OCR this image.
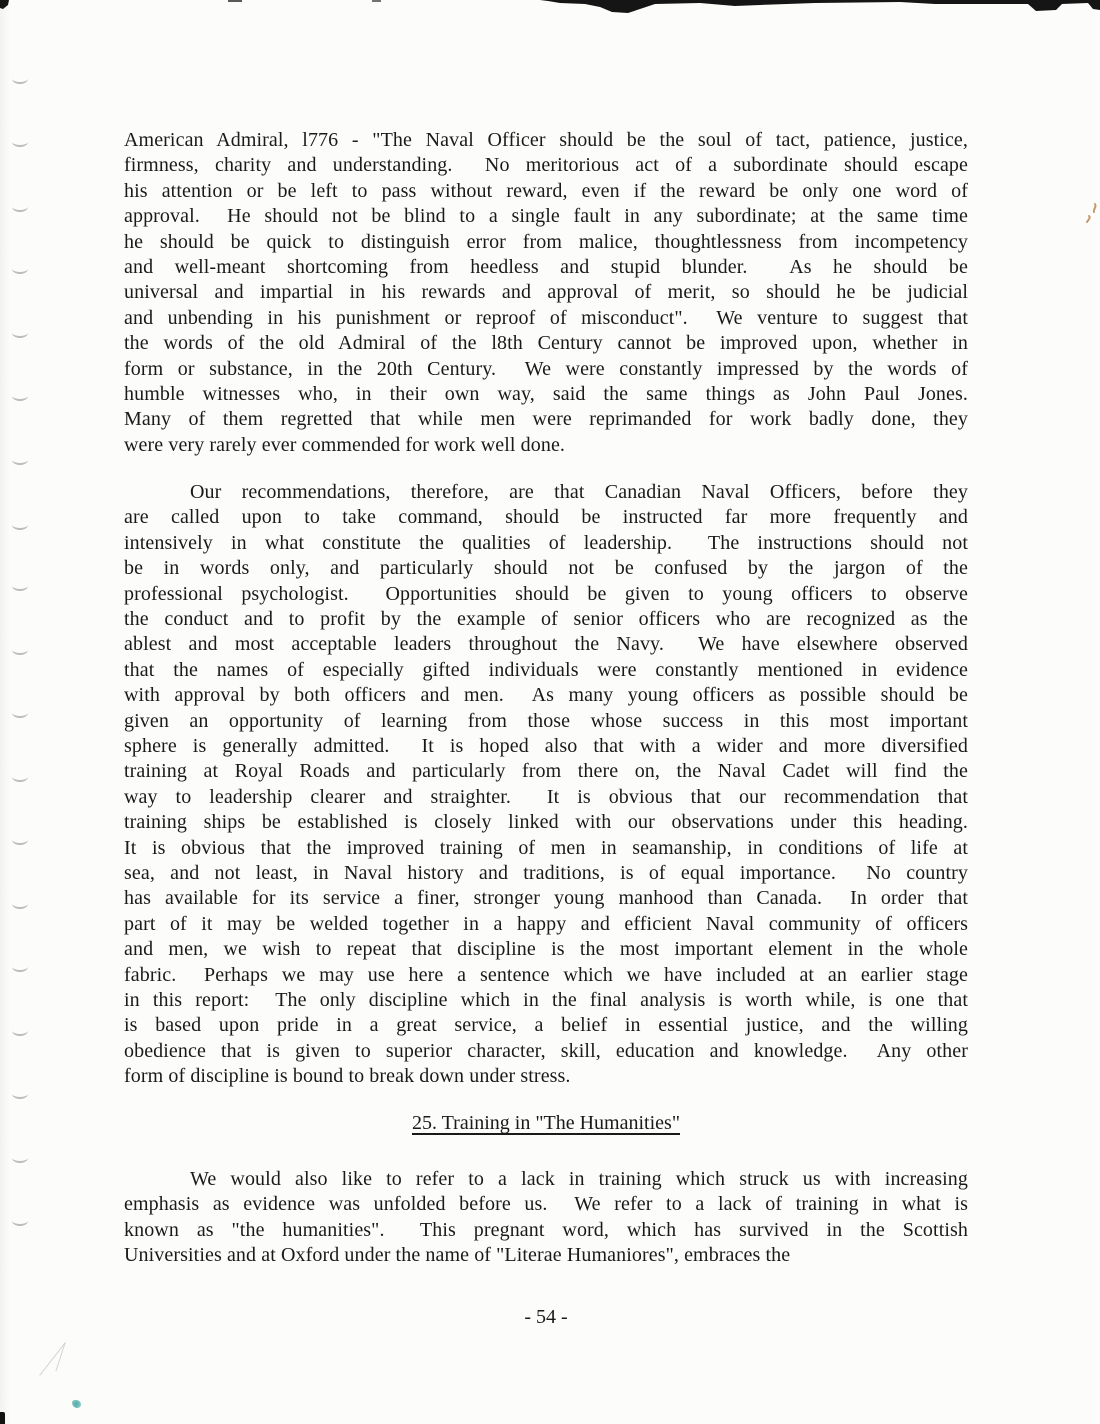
American Admiral, l776 - "The Naval Officer should be the soul of tact, patience, justice,
firmness, charity and understanding.  No meritorious act of a subordinate should escape
his attention or be left to pass without reward, even if the reward be only one word of
approval.  He should not be blind to a single fault in any subordinate; at the same time
he should be quick to distinguish error from malice, thoughtlessness from incompetency
and well-meant shortcoming from heedless and stupid blunder.  As he should be
universal and impartial in his rewards and approval of merit, so should he be judicial
and unbending in his punishment or reproof of misconduct".  We venture to suggest that
the words of the old Admiral of the l8th Century cannot be improved upon, whether in
form or substance, in the 20th Century.  We were constantly impressed by the words of
humble witnesses who, in their own way, said the same things as John Paul Jones.
Many of them regretted that while men were reprimanded for work badly done, they
were very rarely ever commended for work well done.
Our recommendations, therefore, are that Canadian Naval Officers, before they
are called upon to take command, should be instructed far more frequently and
intensively in what constitute the qualities of leadership.  The instructions should not
be in words only, and particularly should not be confused by the jargon of the
professional psychologist.  Opportunities should be given to young officers to observe
the conduct and to profit by the example of senior officers who are recognized as the
ablest and most acceptable leaders throughout the Navy.  We have elsewhere observed
that the names of especially gifted individuals were constantly mentioned in evidence
with approval by both officers and men.  As many young officers as possible should be
given an opportunity of learning from those whose success in this most important
sphere is generally admitted.  It is hoped also that with a wider and more diversified
training at Royal Roads and particularly from there on, the Naval Cadet will find the
way to leadership clearer and straighter.  It is obvious that our recommendation that
training ships be established is closely linked with our observations under this heading.
It is obvious that the improved training of men in seamanship, in conditions of life at
sea, and not least, in Naval history and traditions, is of equal importance.  No country
has available for its service a finer, stronger young manhood than Canada.  In order that
part of it may be welded together in a happy and efficient Naval community of officers
and men, we wish to repeat that discipline is the most important element in the whole
fabric.  Perhaps we may use here a sentence which we have included at an earlier stage
in this report:  The only discipline which in the final analysis is worth while, is one that
is based upon pride in a great service, a belief in essential justice, and the willing
obedience that is given to superior character, skill, education and knowledge.  Any other
form of discipline is bound to break down under stress.
25. Training in "The Humanities"
We would also like to refer to a lack in training which struck us with increasing
emphasis as evidence was unfolded before us.  We refer to a lack of training in what is
known as "the humanities".  This pregnant word, which has survived in the Scottish
Universities and at Oxford under the name of "Literae Humaniores", embraces the
- 54 -
